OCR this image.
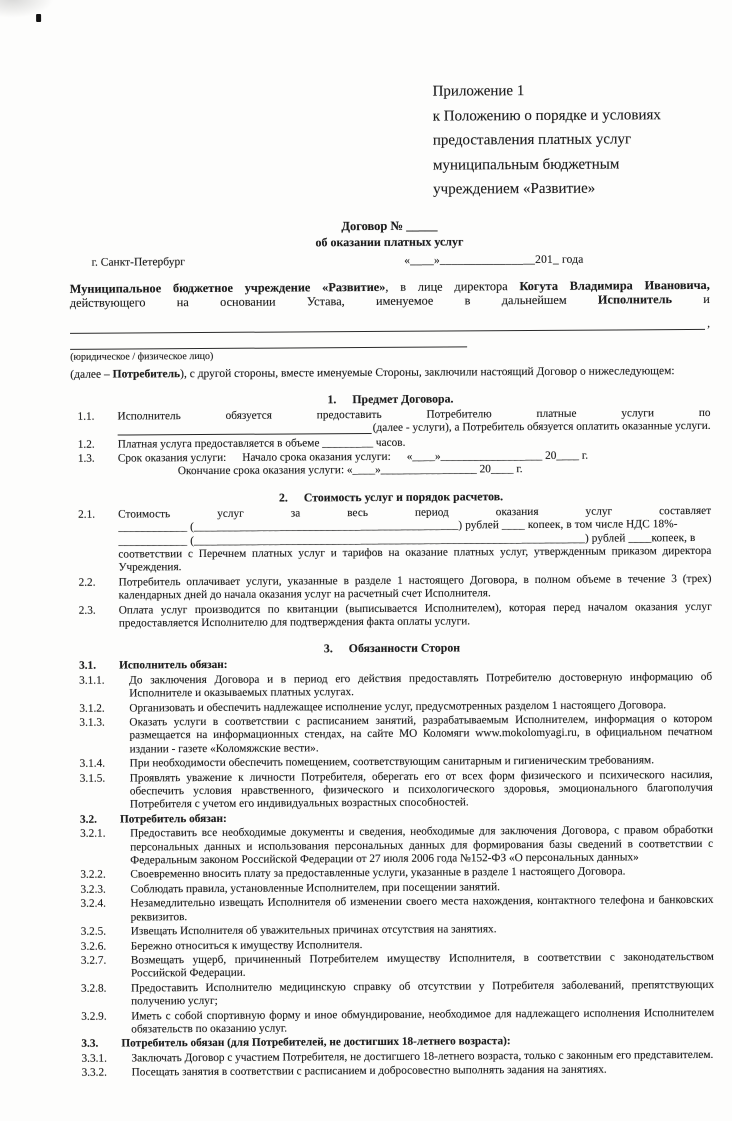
Приложение 1
к Положению о порядке и условиях
предоставления платных услуг
муниципальным бюджетным
учреждением «Развитие»
Договор № _____
об оказании платных услуг
г. Санкт-Петербург	«____»________________201_ года
Муниципальное бюджетное учреждение «Развитие», в лице директора Когута Владимира Ивановича,
действующего на основании Устава, именуемое в дальнейшем Исполнитель и
,
(юридическое / физическое лицо)
(далее – Потребитель), с другой стороны, вместе именуемые Стороны, заключили настоящий Договор о нижеследующем:
1. Предмет Договора.
1.1.	Исполнитель обязуется предоставить Потребителю платные услуги по
(далее - услуги), а Потребитель обязуется оплатить оказанные услуги.
1.2.	Платная услуга предоставляется в объеме _________ часов.
1.3.	Срок оказания услуги: Начало срока оказания услуги: «____»__________________ 20____ г.
Окончание срока оказания услуги: «____»_________________ 20____ г.
2. Стоимость услуг и порядок расчетов.
2.1.	Стоимость услуг за весь период оказания услуг составляет
____________ (______________________________________________) рублей ____ копеек, в том числе НДС 18%-
____________ (____________________________________________________________________) рублей ____копеек, в
соответствии с Перечнем платных услуг и тарифов на оказание платных услуг, утвержденным приказом директора Учреждения.
2.2.	Потребитель оплачивает услуги, указанные в разделе 1 настоящего Договора, в полном объеме в течение 3 (трех) календарных дней до начала оказания услуг на расчетный счет Исполнителя.
2.3.	Оплата услуг производится по квитанции (выписывается Исполнителем), которая перед началом оказания услуг предоставляется Исполнителю для подтверждения факта оплаты услуги.
3. Обязанности Сторон
3.1.	Исполнитель обязан:
3.1.1.	До заключения Договора и в период его действия предоставлять Потребителю достоверную информацию об Исполнителе и оказываемых платных услугах.
3.1.2.	Организовать и обеспечить надлежащее исполнение услуг, предусмотренных разделом 1 настоящего Договора.
3.1.3.	Оказать услуги в соответствии с расписанием занятий, разрабатываемым Исполнителем, информация о котором размещается на информационных стендах, на сайте МО Коломяги www.mokolomyagi.ru, в официальном печатном издании - газете «Коломяжские вести».
3.1.4.	При необходимости обеспечить помещением, соответствующим санитарным и гигиеническим требованиям.
3.1.5.	Проявлять уважение к личности Потребителя, оберегать его от всех форм физического и психического насилия, обеспечить условия нравственного, физического и психологического здоровья, эмоционального благополучия Потребителя с учетом его индивидуальных возрастных способностей.
3.2.	Потребитель обязан:
3.2.1.	Предоставить все необходимые документы и сведения, необходимые для заключения Договора, с правом обработки персональных данных и использования персональных данных для формирования базы сведений в соответствии с Федеральным законом Российской Федерации от 27 июля 2006 года №152-ФЗ «О персональных данных»
3.2.2.	Своевременно вносить плату за предоставленные услуги, указанные в разделе 1 настоящего Договора.
3.2.3.	Соблюдать правила, установленные Исполнителем, при посещении занятий.
3.2.4.	Незамедлительно извещать Исполнителя об изменении своего места нахождения, контактного телефона и банковских реквизитов.
3.2.5.	Извещать Исполнителя об уважительных причинах отсутствия на занятиях.
3.2.6.	Бережно относиться к имуществу Исполнителя.
3.2.7.	Возмещать ущерб, причиненный Потребителем имуществу Исполнителя, в соответствии с законодательством Российской Федерации.
3.2.8.	Предоставить Исполнителю медицинскую справку об отсутствии у Потребителя заболеваний, препятствующих получению услуг;
3.2.9.	Иметь с собой спортивную форму и иное обмундирование, необходимое для надлежащего исполнения Исполнителем обязательств по оказанию услуг.
3.3.	Потребитель обязан (для Потребителей, не достигших 18-летнего возраста):
3.3.1.	Заключать Договор с участием Потребителя, не достигшего 18-летнего возраста, только с законным его представителем.
3.3.2.	Посещать занятия в соответствии с расписанием и добросовестно выполнять задания на занятиях.
